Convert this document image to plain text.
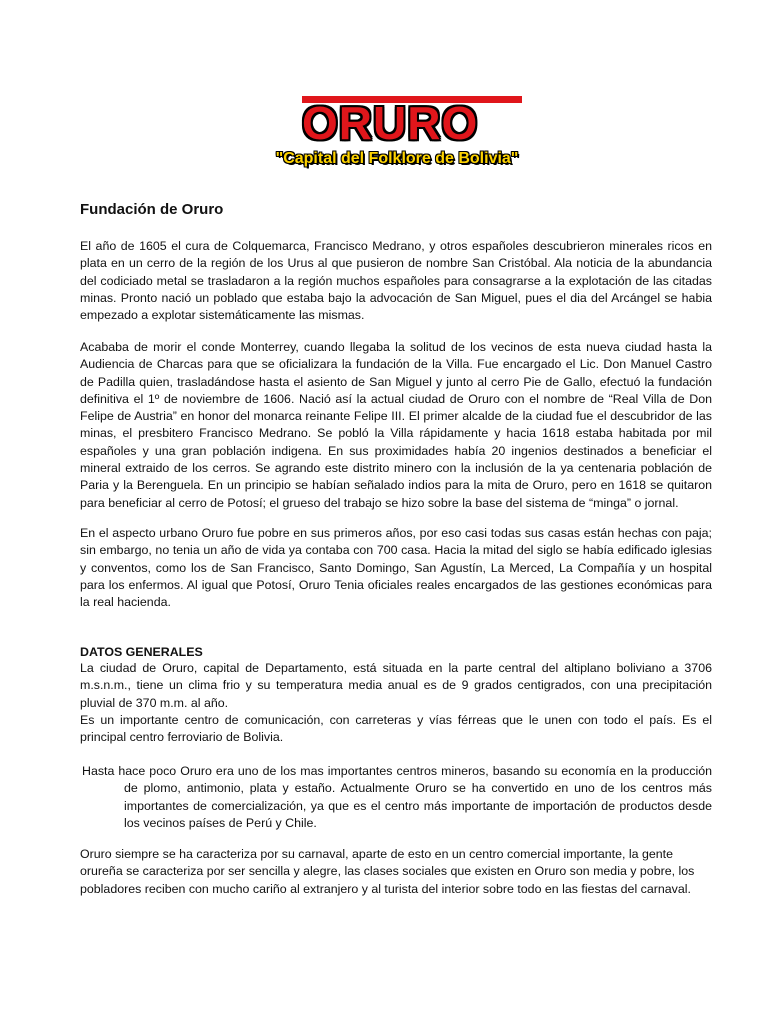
ORURO
"Capital del Folklore de Bolivia"
Fundación de Oruro

El año de 1605 el cura de Colquemarca, Francisco Medrano, y otros españoles descubrieron minerales ricos en plata en un cerro de la región de los Urus al que pusieron de nombre San Cristóbal. Ala noticia de la abundancia del codiciado metal se trasladaron a la región muchos españoles para consagrarse a la explotación de las citadas minas. Pronto nació un poblado que estaba bajo la advocación de San Miguel, pues el dia del Arcángel se habia empezado a explotar sistemáticamente las mismas.

Acababa de morir el conde Monterrey, cuando llegaba la solitud de los vecinos de esta nueva ciudad hasta la Audiencia de Charcas para que se oficializara la fundación de la Villa. Fue encargado el Lic. Don Manuel Castro de Padilla quien, trasladándose hasta el asiento de San Miguel y junto al cerro Pie de Gallo, efectuó la fundación definitiva el 1º de noviembre de 1606. Nació así la actual ciudad de Oruro con el nombre de “Real Villa de Don Felipe de Austria” en honor del monarca reinante Felipe III. El primer alcalde de la ciudad fue el descubridor de las minas, el presbitero Francisco Medrano. Se pobló la Villa rápidamente y hacia 1618 estaba habitada por mil españoles y una gran población indigena. En sus proximidades había 20 ingenios destinados a beneficiar el mineral extraido de los cerros. Se agrando este distrito minero con la inclusión de la ya centenaria población de Paria y la Berenguela. En un principio se habían señalado indios para la mita de Oruro, pero en 1618 se quitaron para beneficiar al cerro de Potosí; el grueso del trabajo se hizo sobre la base del sistema de “minga” o jornal.

En el aspecto urbano Oruro fue pobre en sus primeros años, por eso casi todas sus casas están hechas con paja; sin embargo, no tenia un año de vida ya contaba con 700 casa. Hacia la mitad del siglo se había edificado iglesias y conventos, como los de San Francisco, Santo Domingo, San Agustín, La Merced, La Compañía y un hospital para los enfermos. Al igual que Potosí, Oruro Tenia oficiales reales encargados de las gestiones económicas para la real hacienda.

DATOS GENERALES

La ciudad de Oruro, capital de Departamento, está situada en la parte central del altiplano boliviano a 3706 m.s.n.m., tiene un clima frio y su temperatura media anual es de 9 grados centigrados, con una precipitación pluvial de 370 m.m. al año.

Es un importante centro de comunicación, con carreteras y vías férreas que le unen con todo el país. Es el principal centro ferroviario de Bolivia.

Hasta hace poco Oruro era uno de los mas importantes centros mineros, basando su economía en la producción de plomo, antimonio, plata y estaño. Actualmente Oruro se ha convertido en uno de los centros más importantes de comercialización, ya que es el centro más importante de importación de productos desde los vecinos países de Perú y Chile.

Oruro siempre se ha caracteriza por su carnaval, aparte de esto en un centro comercial importante, la gente orureña se caracteriza por ser sencilla y alegre, las clases sociales que existen en Oruro son media y pobre, los pobladores reciben con mucho cariño al extranjero y al turista del interior sobre todo en las fiestas del carnaval.
